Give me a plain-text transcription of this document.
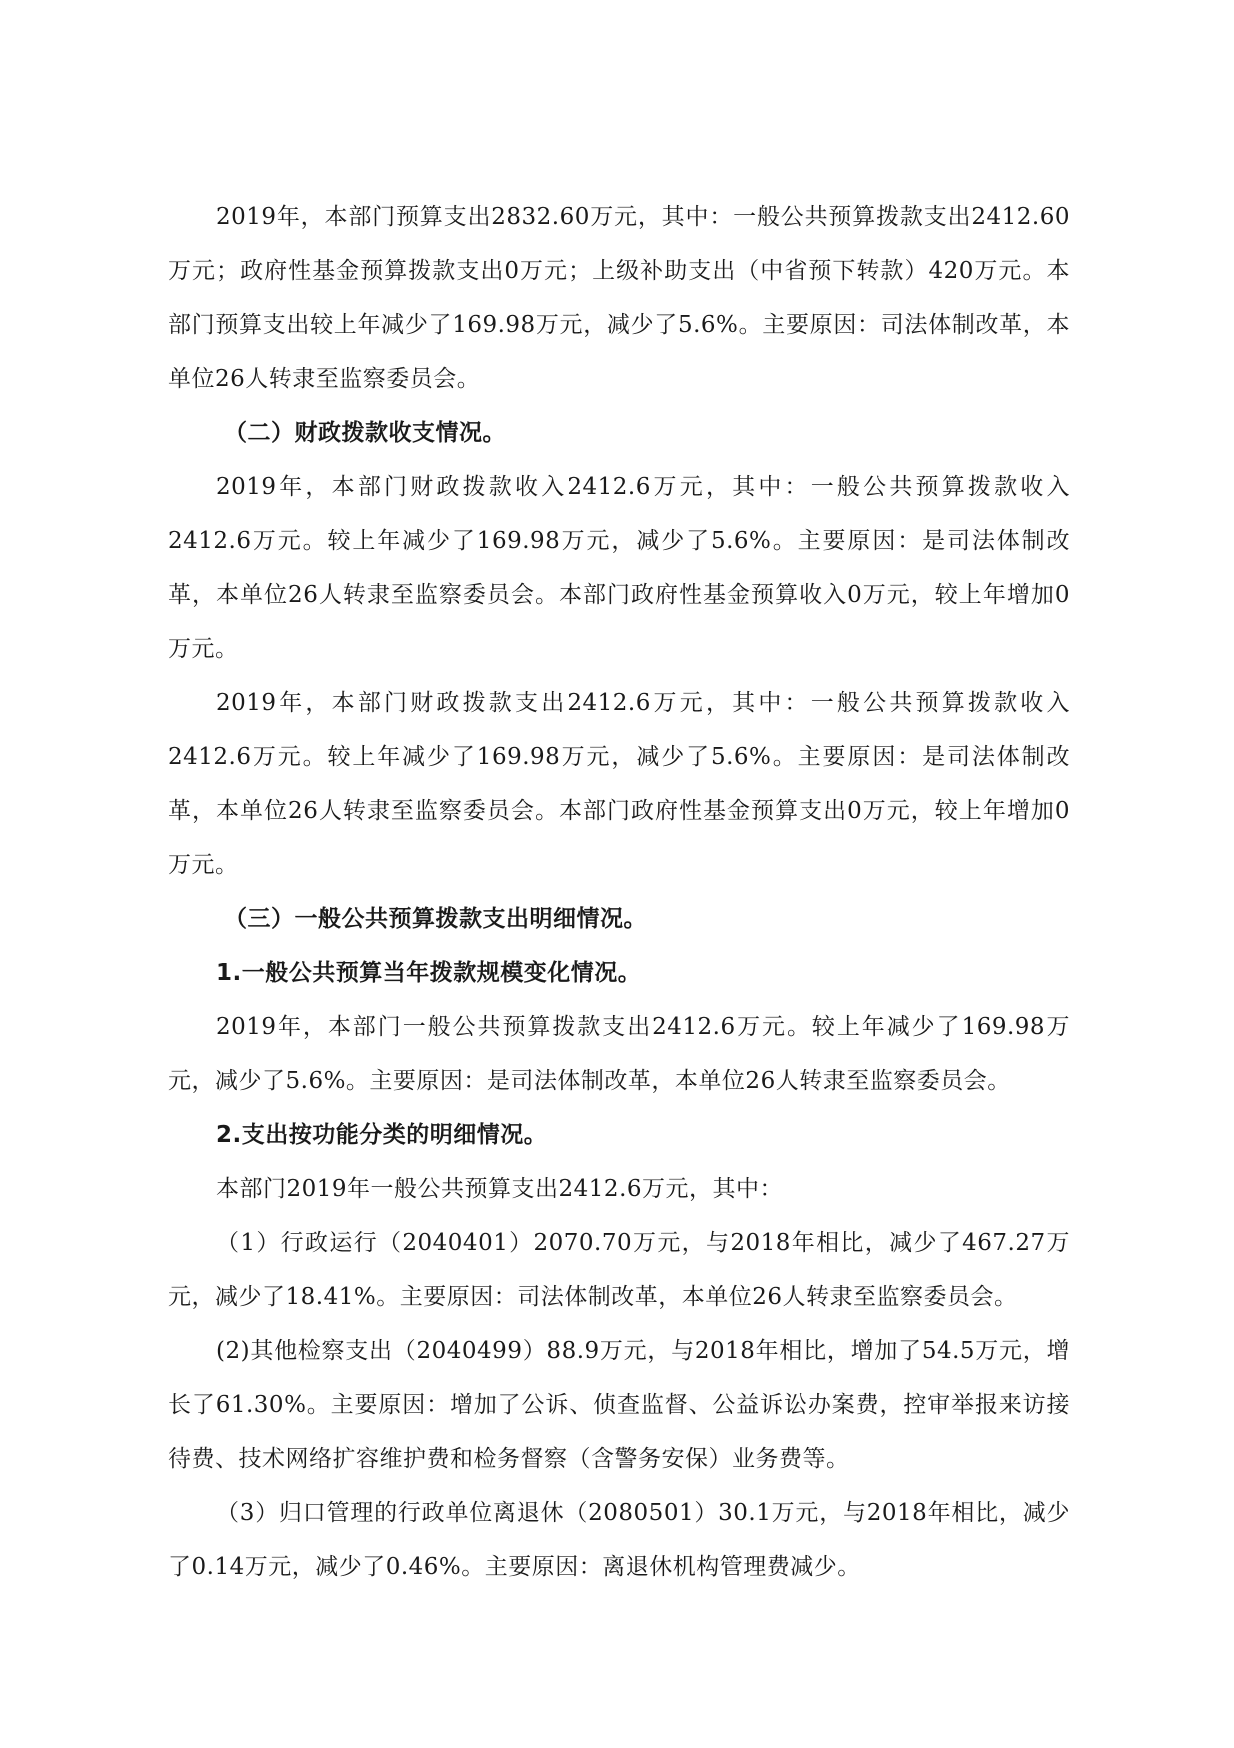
2019年，本部门预算支出2832.60万元，其中：一般公共预算拨款支出2412.60万元；政府性基金预算拨款支出0万元；上级补助支出（中省预下转款）420万元。本部门预算支出较上年减少了169.98万元，减少了5.6%。主要原因：司法体制改革，本单位26人转隶至监察委员会。

（二）财政拨款收支情况。

2019年，本部门财政拨款收入2412.6万元，其中：一般公共预算拨款收入2412.6万元。较上年减少了169.98万元，减少了5.6%。主要原因：是司法体制改革，本单位26人转隶至监察委员会。本部门政府性基金预算收入0万元，较上年增加0万元。

2019年，本部门财政拨款支出2412.6万元，其中：一般公共预算拨款收入2412.6万元。较上年减少了169.98万元，减少了5.6%。主要原因：是司法体制改革，本单位26人转隶至监察委员会。本部门政府性基金预算支出0万元，较上年增加0万元。

（三）一般公共预算拨款支出明细情况。

1.一般公共预算当年拨款规模变化情况。

2019年，本部门一般公共预算拨款支出2412.6万元。较上年减少了169.98万元，减少了5.6%。主要原因：是司法体制改革，本单位26人转隶至监察委员会。

2.支出按功能分类的明细情况。

本部门2019年一般公共预算支出2412.6万元，其中：

（1）行政运行（2040401）2070.70万元，与2018年相比，减少了467.27万元，减少了18.41%。主要原因：司法体制改革，本单位26人转隶至监察委员会。

(2)其他检察支出（2040499）88.9万元，与2018年相比，增加了54.5万元，增长了61.30%。主要原因：增加了公诉、侦查监督、公益诉讼办案费，控审举报来访接待费、技术网络扩容维护费和检务督察（含警务安保）业务费等。

（3）归口管理的行政单位离退休（2080501）30.1万元，与2018年相比，减少了0.14万元，减少了0.46%。主要原因：离退休机构管理费减少。
